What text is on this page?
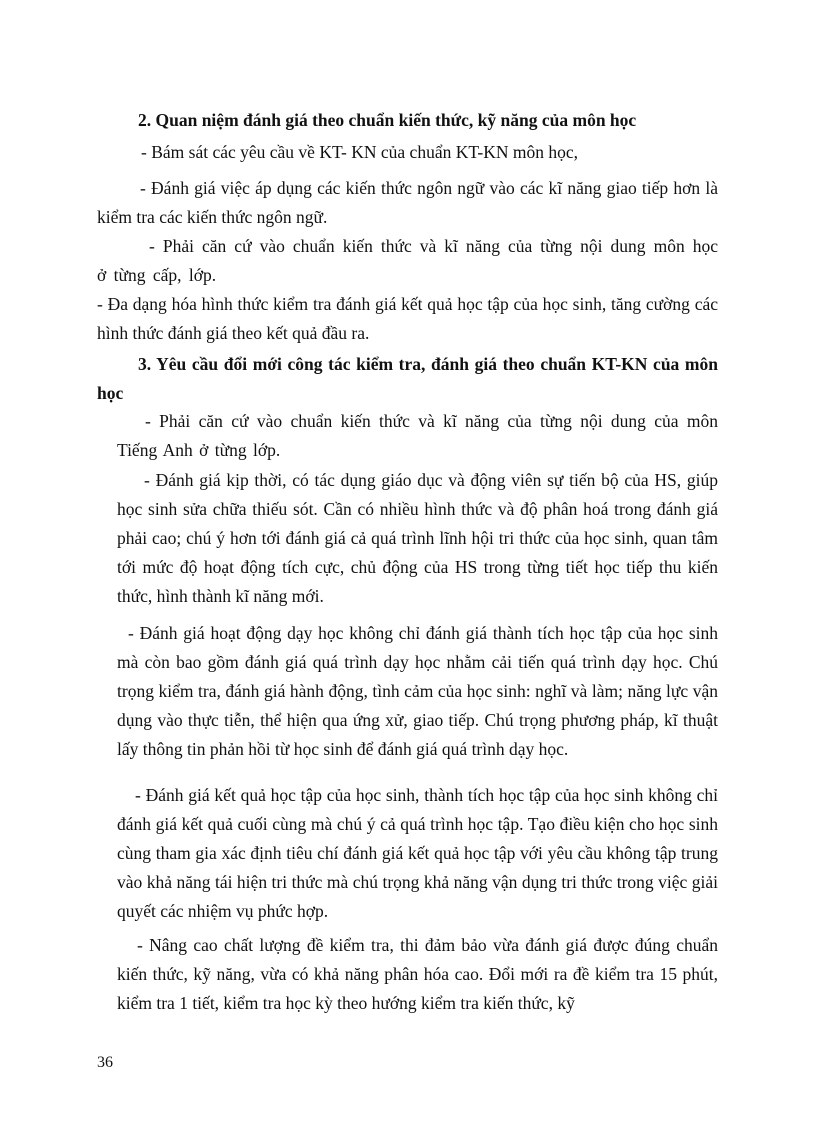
2. Quan niệm đánh giá theo chuẩn kiến thức, kỹ năng của môn học
- Bám sát các yêu cầu về KT- KN của chuẩn KT-KN môn học,
- Đánh giá việc áp dụng các kiến thức ngôn ngữ vào các kĩ năng giao tiếp hơn là kiểm tra các kiến thức ngôn ngữ.
- Phải căn cứ vào chuẩn kiến thức và kĩ năng của từng nội dung môn học ở từng cấp, lớp.
- Đa dạng hóa hình thức kiểm tra đánh giá kết quả học tập của học sinh, tăng cường các hình thức đánh giá theo kết quả đầu ra.
3. Yêu cầu đổi mới công tác kiểm tra, đánh giá theo chuẩn KT-KN của môn học
- Phải căn cứ vào chuẩn kiến thức và kĩ năng của từng nội dung của môn Tiếng Anh ở từng lớp.
- Đánh giá kịp thời, có tác dụng giáo dục và động viên sự tiến bộ của HS, giúp học sinh sửa chữa thiếu sót. Cần có nhiều hình thức và độ phân hoá trong đánh giá phải cao; chú ý hơn tới đánh giá cả quá trình lĩnh hội tri thức của học sinh, quan tâm tới mức độ hoạt động tích cực, chủ động của HS trong từng tiết học tiếp thu kiến thức, hình thành kĩ năng mới.
- Đánh giá hoạt động dạy học không chỉ đánh giá thành tích học tập của học sinh mà còn bao gồm đánh giá quá trình dạy học nhằm cải tiến quá trình dạy học. Chú trọng kiểm tra, đánh giá hành động, tình cảm của học sinh: nghĩ và làm; năng lực vận dụng vào thực tiễn, thể hiện qua ứng xử, giao tiếp. Chú trọng phương pháp, kĩ thuật lấy thông tin phản hồi từ học sinh để đánh giá quá trình dạy học.
- Đánh giá kết quả học tập của học sinh, thành tích học tập của học sinh không chỉ đánh giá kết quả cuối cùng mà chú ý cả quá trình học tập. Tạo điều kiện cho học sinh cùng tham gia xác định tiêu chí đánh giá kết quả học tập với yêu cầu không tập trung vào khả năng tái hiện tri thức mà chú trọng khả năng vận dụng tri thức trong việc giải quyết các nhiệm vụ phức hợp.
- Nâng cao chất lượng đề kiểm tra, thi đảm bảo vừa đánh giá được đúng chuẩn kiến thức, kỹ năng, vừa có khả năng phân hóa cao. Đổi mới ra đề kiểm tra 15 phút, kiểm tra 1 tiết, kiểm tra học kỳ theo hướng kiểm tra kiến thức, kỹ
36
